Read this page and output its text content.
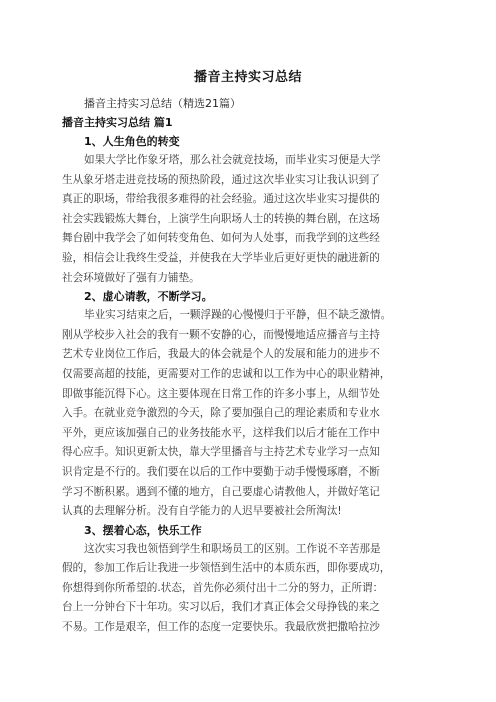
播音主持实习总结

播音主持实习总结（精选21篇）

播音主持实习总结 篇1

1、人生角色的转变

如果大学比作象牙塔，那么社会就竞技场，而毕业实习便是大学
生从象牙塔走进竞技场的预热阶段，通过这次毕业实习让我认识到了
真正的职场，带给我很多难得的社会经验。通过这次毕业实习提供的
社会实践锻炼大舞台，上演学生向职场人士的转换的舞台剧，在这场
舞台剧中我学会了如何转变角色、如何为人处事，而我学到的这些经
验，相信会让我终生受益，并使我在大学毕业后更好更快的融进新的
社会环境做好了强有力铺垫。

2、虚心请教，不断学习。

毕业实习结束之后，一颗浮躁的心慢慢归于平静，但不缺乏激情。
刚从学校步入社会的我有一颗不安静的心，而慢慢地适应播音与主持
艺术专业岗位工作后，我最大的体会就是个人的发展和能力的进步不
仅需要高超的技能，更需要对工作的忠诚和以工作为中心的职业精神，
即做事能沉得下心。这主要体现在日常工作的许多小事上，从细节处
入手。在就业竞争激烈的今天，除了要加强自己的理论素质和专业水
平外，更应该加强自己的业务技能水平，这样我们以后才能在工作中
得心应手。知识更新太快，靠大学里播音与主持艺术专业学习一点知
识肯定是不行的。我们要在以后的工作中要勤于动手慢慢琢磨，不断
学习不断积累。遇到不懂的地方，自己要虚心请教他人，并做好笔记
认真的去理解分析。没有自学能力的人迟早要被社会所淘汰!

3、摆着心态，快乐工作

这次实习我也领悟到学生和职场员工的区别。工作说不辛苦那是
假的，参加工作后让我进一步领悟到生活中的本质东西，即你要成功，
你想得到你所希望的.状态，首先你必须付出十二分的努力，正所谓：
台上一分钟台下十年功。实习以后，我们才真正体会父母挣钱的来之
不易。工作是艰辛，但工作的态度一定要快乐。我最欣赏把撒哈拉沙
